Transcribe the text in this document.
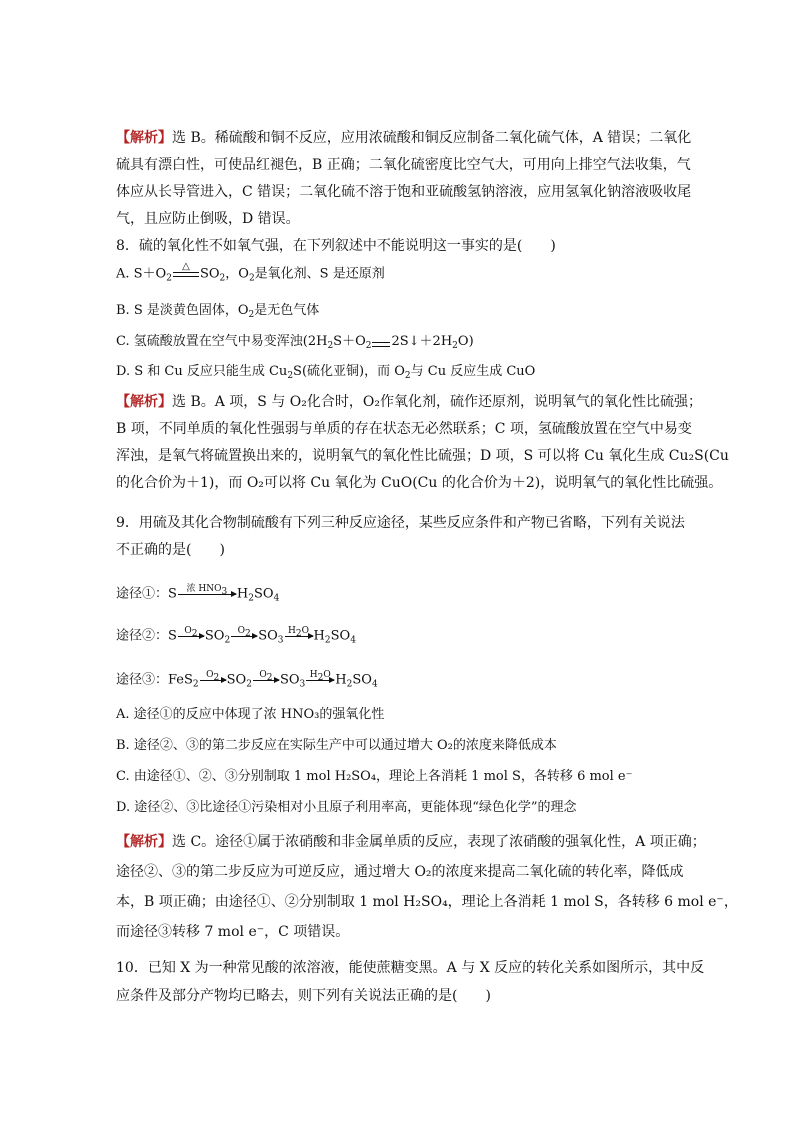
【解析】选 B。稀硫酸和铜不反应，应用浓硫酸和铜反应制备二氧化硫气体，A 错误；二氧化
硫具有漂白性，可使品红褪色，B 正确；二氧化硫密度比空气大，可用向上排空气法收集，气
体应从长导管进入，C 错误；二氧化硫不溶于饱和亚硫酸氢钠溶液，应用氢氧化钠溶液吸收尾
气，且应防止倒吸，D 错误。
8．硫的氧化性不如氧气强，在下列叙述中不能说明这一事实的是(　　)
A. $S+O_2$
△ $SO_2$，$O_2$是氧化剂、S 是还原剂
B. S 是淡黄色固体，$O_2$是无色气体
C. 氢硫酸放置在空气中易变浑浊($2H_2S+O_2$ $2S↓+2H_2O$)
D. S 和 Cu 反应只能生成 $Cu_2S$(硫化亚铜)，而 $O_2$与 Cu 反应生成 CuO
【解析】选 B。A 项，S 与 O₂化合时，O₂作氧化剂，硫作还原剂，说明氧气的氧化性比硫强；
B 项，不同单质的氧化性强弱与单质的存在状态无必然联系；C 项，氢硫酸放置在空气中易变
浑浊，是氧气将硫置换出来的，说明氧气的氧化性比硫强；D 项，S 可以将 Cu 氧化生成 Cu₂S(Cu
的化合价为＋1)，而 O₂可以将 Cu 氧化为 CuO(Cu 的化合价为＋2)，说明氧气的氧化性比硫强。
9．用硫及其化合物制硫酸有下列三种反应途径，某些反应条件和产物已省略，下列有关说法
不正确的是(　　)
途径①：S	浓 $HNO_3$ $H_2SO_4$
途径②：S $O_2$ $SO_2$
$O_2$ $SO_3$
$H_2O$ $H_2SO_4$
途径③：FeS$_2$
$O_2$ $SO_2$
$O_2$ $SO_3$
$H_2O$ $H_2SO_4$
A. 途径①的反应中体现了浓 HNO₃的强氧化性
B. 途径②、③的第二步反应在实际生产中可以通过增大 O₂的浓度来降低成本
C. 由途径①、②、③分别制取 1 mol H₂SO₄，理论上各消耗 1 mol S，各转移 6 mol e⁻
D. 途径②、③比途径①污染相对小且原子利用率高，更能体现“绿色化学”的理念
【解析】选 C。途径①属于浓硝酸和非金属单质的反应，表现了浓硝酸的强氧化性，A 项正确；
途径②、③的第二步反应为可逆反应，通过增大 O₂的浓度来提高二氧化硫的转化率，降低成
本，B 项正确；由途径①、②分别制取 1 mol H₂SO₄，理论上各消耗 1 mol S，各转移 6 mol e⁻，
而途径③转移 7 mol e⁻，C 项错误。
10．已知 X 为一种常见酸的浓溶液，能使蔗糖变黑。A 与 X 反应的转化关系如图所示，其中反
应条件及部分产物均已略去，则下列有关说法正确的是(　　)
